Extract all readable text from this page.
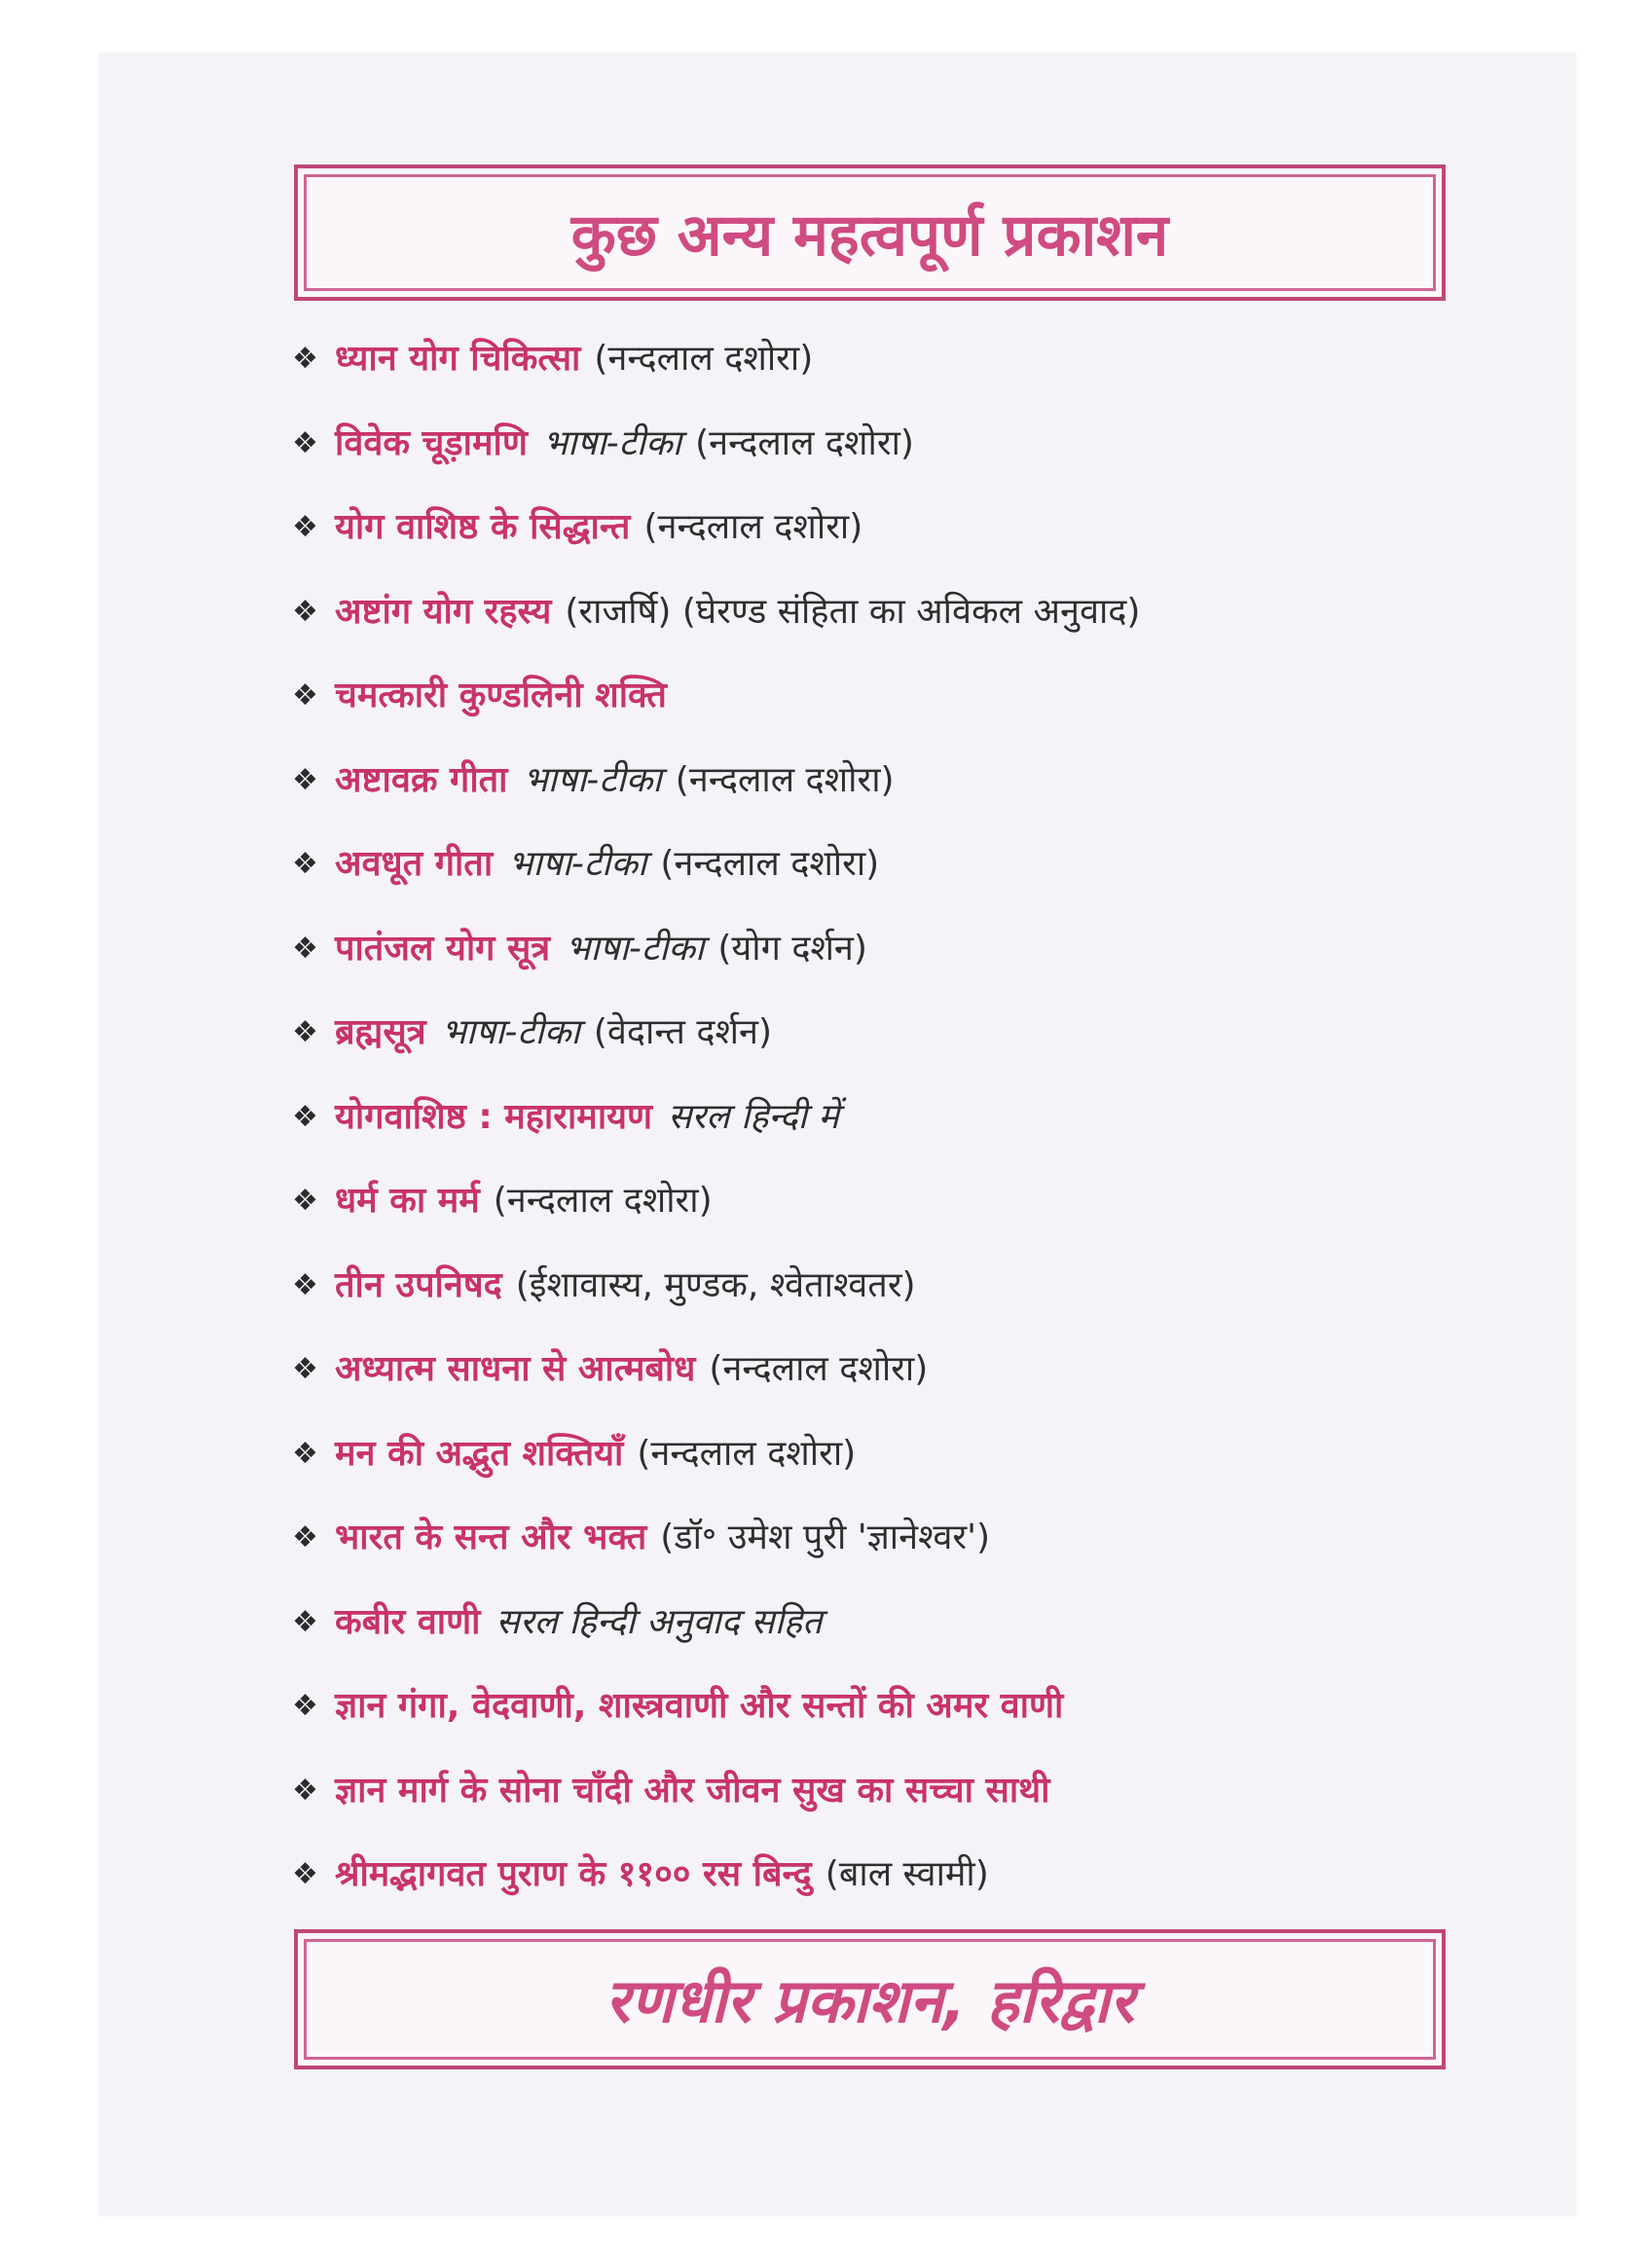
कुछ अन्य महत्वपूर्ण प्रकाशन
❖ ध्यान योग चिकित्सा (नन्दलाल दशोरा)
❖ विवेक चूड़ामणि भाषा-टीका (नन्दलाल दशोरा)
❖ योग वाशिष्ठ के सिद्धान्त (नन्दलाल दशोरा)
❖ अष्टांग योग रहस्य (राजर्षि) (घेरण्ड संहिता का अविकल अनुवाद)
❖ चमत्कारी कुण्डलिनी शक्ति
❖ अष्टावक्र गीता भाषा-टीका (नन्दलाल दशोरा)
❖ अवधूत गीता भाषा-टीका (नन्दलाल दशोरा)
❖ पातंजल योग सूत्र भाषा-टीका (योग दर्शन)
❖ ब्रह्मसूत्र भाषा-टीका (वेदान्त दर्शन)
❖ योगवाशिष्ठ : महारामायण सरल हिन्दी में
❖ धर्म का मर्म (नन्दलाल दशोरा)
❖ तीन उपनिषद (ईशावास्य, मुण्डक, श्वेताश्वतर)
❖ अध्यात्म साधना से आत्मबोध (नन्दलाल दशोरा)
❖ मन की अद्भुत शक्तियाँ (नन्दलाल दशोरा)
❖ भारत के सन्त और भक्त (डॉ॰ उमेश पुरी 'ज्ञानेश्वर')
❖ कबीर वाणी सरल हिन्दी अनुवाद सहित
❖ ज्ञान गंगा, वेदवाणी, शास्त्रवाणी और सन्तों की अमर वाणी
❖ ज्ञान मार्ग के सोना चाँदी और जीवन सुख का सच्चा साथी
❖ श्रीमद्भागवत पुराण के ११०० रस बिन्दु (बाल स्वामी)
रणधीर प्रकाशन, हरिद्वार
